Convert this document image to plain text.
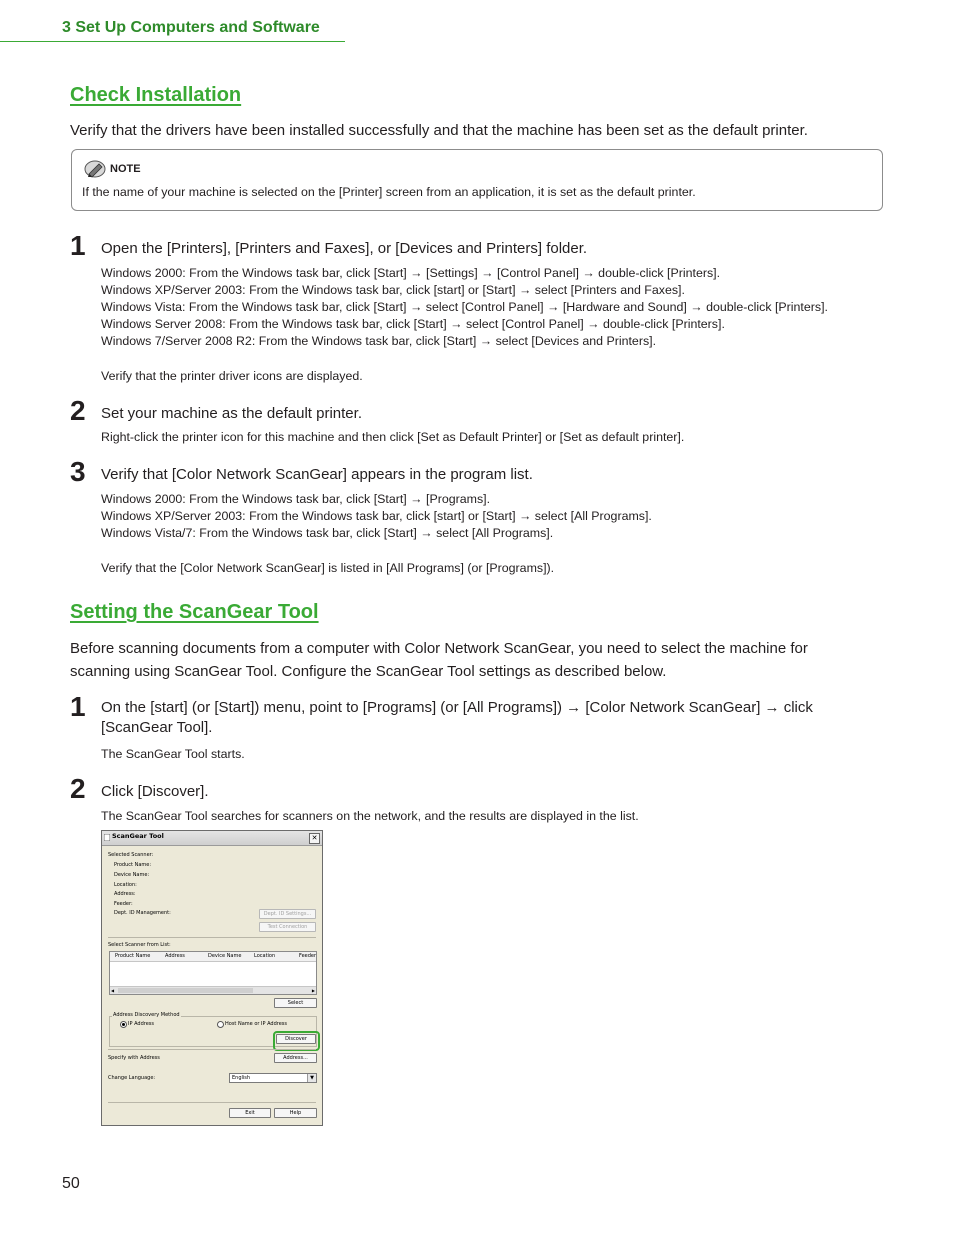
3 Set Up Computers and Software
Check Installation
Verify that the drivers have been installed successfully and that the machine has been set as the default printer.
NOTE
If the name of your machine is selected on the [Printer] screen from an application, it is set as the default printer.
1 Open the [Printers], [Printers and Faxes], or [Devices and Printers] folder.
Windows 2000: From the Windows task bar, click [Start] → [Settings] → [Control Panel] → double-click [Printers].
Windows XP/Server 2003: From the Windows task bar, click [start] or [Start] → select [Printers and Faxes].
Windows Vista: From the Windows task bar, click [Start] → select [Control Panel] → [Hardware and Sound] → double-click [Printers].
Windows Server 2008: From the Windows task bar, click [Start] → select [Control Panel] → double-click [Printers].
Windows 7/Server 2008 R2: From the Windows task bar, click [Start] → select [Devices and Printers].
Verify that the printer driver icons are displayed.
2 Set your machine as the default printer.
Right-click the printer icon for this machine and then click [Set as Default Printer] or [Set as default printer].
3 Verify that [Color Network ScanGear] appears in the program list.
Windows 2000: From the Windows task bar, click [Start] → [Programs].
Windows XP/Server 2003: From the Windows task bar, click [start] or [Start] → select [All Programs].
Windows Vista/7: From the Windows task bar, click [Start] → select [All Programs].
Verify that the [Color Network ScanGear] is listed in [All Programs] (or [Programs]).
Setting the ScanGear Tool
Before scanning documents from a computer with Color Network ScanGear, you need to select the machine for
scanning using ScanGear Tool. Configure the ScanGear Tool settings as described below.
1 On the [start] (or [Start]) menu, point to [Programs] (or [All Programs]) → [Color Network ScanGear] → click
[ScanGear Tool].
The ScanGear Tool starts.
2 Click [Discover].
The ScanGear Tool searches for scanners on the network, and the results are displayed in the list.
ScanGear Tool	✕
Selected Scanner:
Product Name:
Device Name:
Location:
Address:
Feeder:
Dept. ID Management:	Dept. ID Settings...
Test Connection
Select Scanner from List:
Product Name	Address	Device Name	Location	Feeder
◀	▶
Select
Address Discovery Method
IP Address	Host Name or IP Address
Discover
Specify with Address	Address...
Change Language:	English	▼
Exit	Help
50
